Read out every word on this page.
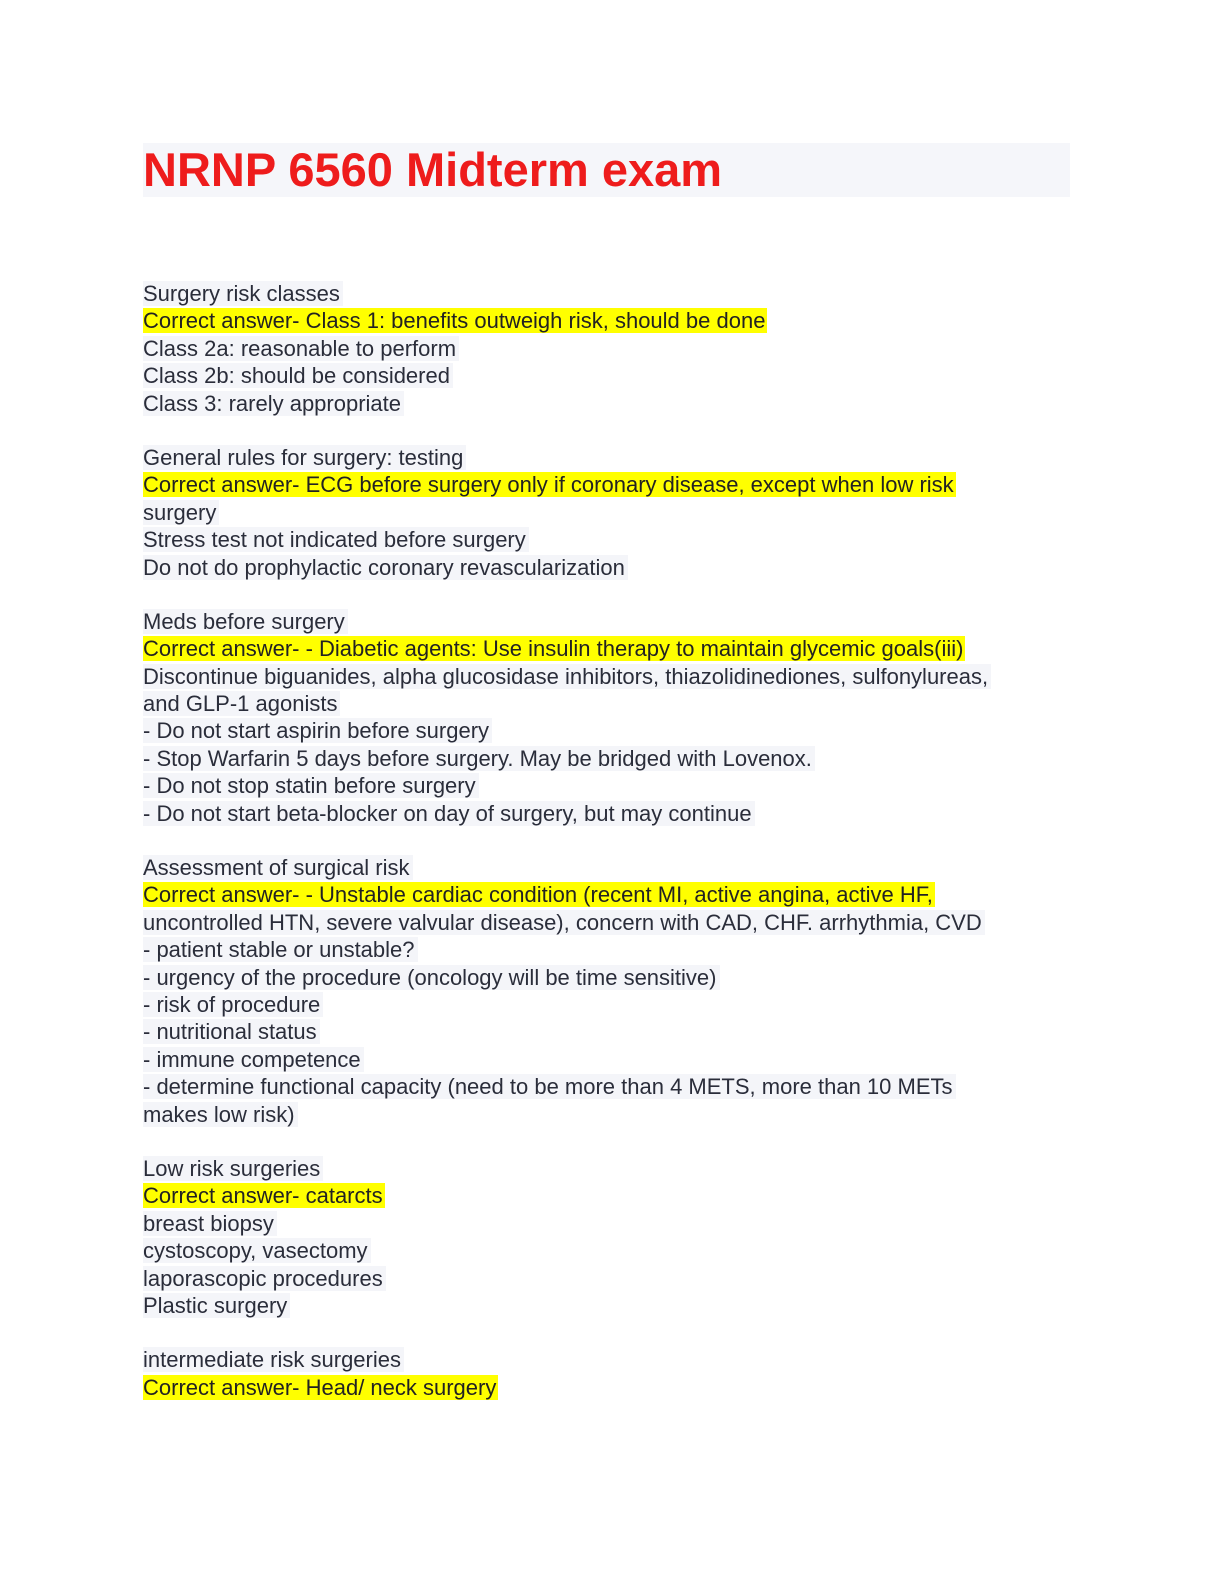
NRNP 6560 Midterm exam
Surgery risk classes
Correct answer- Class 1: benefits outweigh risk, should be done
Class 2a: reasonable to perform
Class 2b: should be considered
Class 3: rarely appropriate
General rules for surgery: testing
Correct answer- ECG before surgery only if coronary disease, except when low risk
surgery
Stress test not indicated before surgery
Do not do prophylactic coronary revascularization
Meds before surgery
Correct answer- - Diabetic agents: Use insulin therapy to maintain glycemic goals(iii)
Discontinue biguanides, alpha glucosidase inhibitors, thiazolidinediones, sulfonylureas,
and GLP-1 agonists
- Do not start aspirin before surgery
- Stop Warfarin 5 days before surgery. May be bridged with Lovenox.
- Do not stop statin before surgery
- Do not start beta-blocker on day of surgery, but may continue
Assessment of surgical risk
Correct answer- - Unstable cardiac condition (recent MI, active angina, active HF,
uncontrolled HTN, severe valvular disease), concern with CAD, CHF. arrhythmia, CVD
- patient stable or unstable?
- urgency of the procedure (oncology will be time sensitive)
- risk of procedure
- nutritional status
- immune competence
- determine functional capacity (need to be more than 4 METS, more than 10 METs
makes low risk)
Low risk surgeries
Correct answer- catarcts
breast biopsy
cystoscopy, vasectomy
laporascopic procedures
Plastic surgery
intermediate risk surgeries
Correct answer- Head/ neck surgery
